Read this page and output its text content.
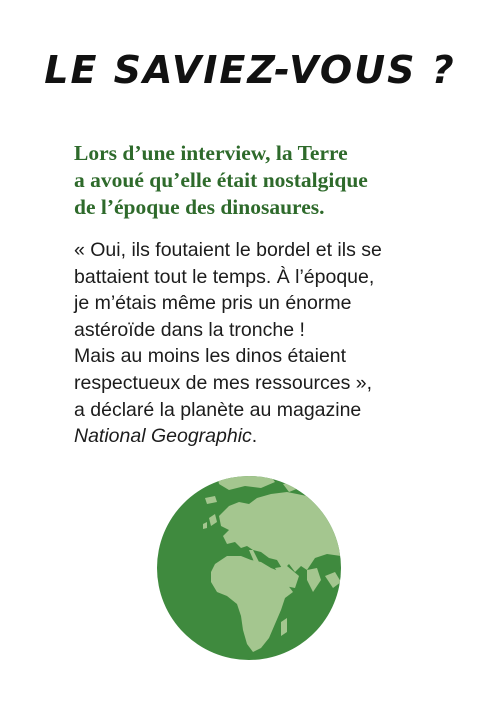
LE SAVIEZ-VOUS ?
Lors d’une interview, la Terre
a avoué qu’elle était nostalgique
de l’époque des dinosaures.
« Oui, ils foutaient le bordel et ils se
battaient tout le temps. À l’époque,
je m’étais même pris un énorme
astéroïde dans la tronche !
Mais au moins les dinos étaient
respectueux de mes ressources »,
a déclaré la planète au magazine
National Geographic.
